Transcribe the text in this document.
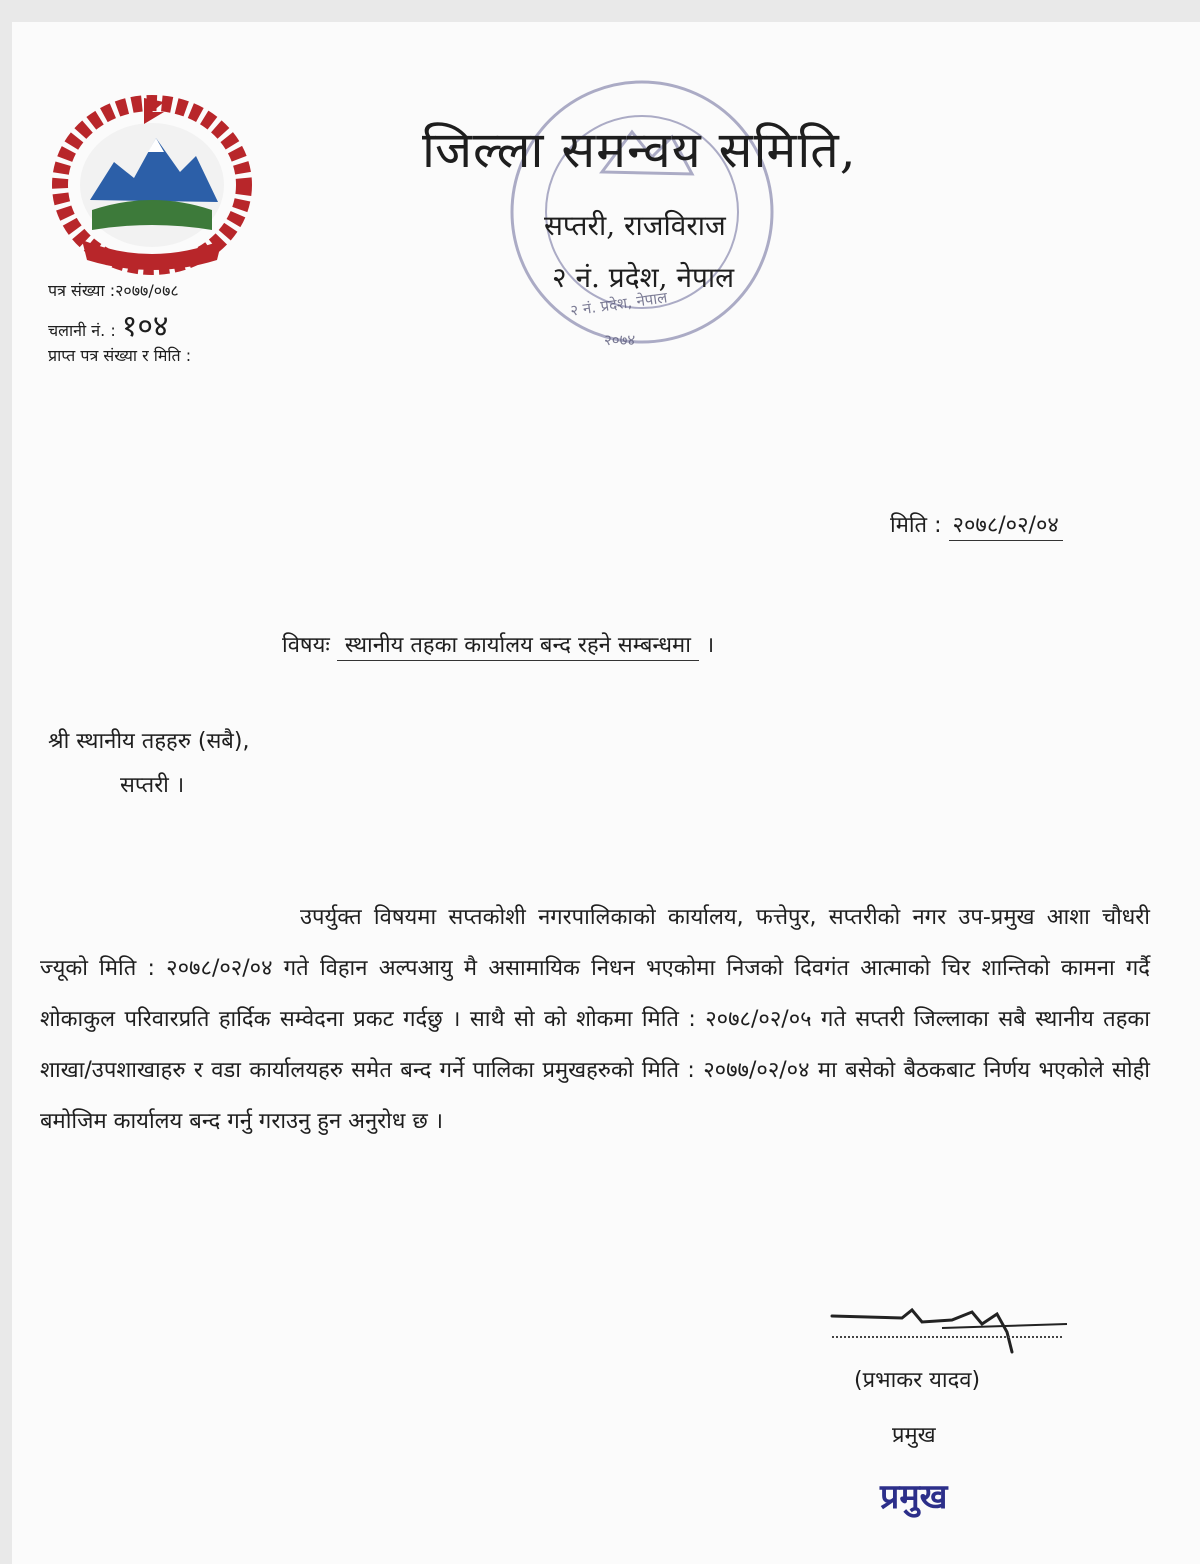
जिल्ला समन्वय समिति,
सप्तरी, राजविराज
२ नं. प्रदेश, नेपाल
२ नं. प्रदेश, नेपाल
२०७४
पत्र संख्या :२०७७/०७८
चलानी नं. : १०४
प्राप्त पत्र संख्या र मिति :
मिति : २०७८/०२/०४
विषयः स्थानीय तहका कार्यालय बन्द रहने सम्बन्धमा ।
श्री स्थानीय तहहरु (सबै),
सप्तरी ।
उपर्युक्त विषयमा सप्तकोशी नगरपालिकाको कार्यालय, फत्तेपुर, सप्तरीको नगर उप-प्रमुख आशा चौधरी ज्यूको मिति : २०७८/०२/०४ गते विहान अल्पआयु मै असामायिक निधन भएकोमा निजको दिवगंत आत्माको चिर शान्तिको कामना गर्दै शोकाकुल परिवारप्रति हार्दिक सम्वेदना प्रकट गर्दछु । साथै सो को शोकमा मिति : २०७८/०२/०५ गते सप्तरी जिल्लाका सबै स्थानीय तहका शाखा/उपशाखाहरु र वडा कार्यालयहरु समेत बन्द गर्ने पालिका प्रमुखहरुको मिति : २०७७/०२/०४ मा बसेको बैठकबाट निर्णय भएकोले सोही बमोजिम कार्यालय बन्द गर्नु गराउनु हुन अनुरोध छ ।
(प्रभाकर यादव)
प्रमुख
प्रमुख
